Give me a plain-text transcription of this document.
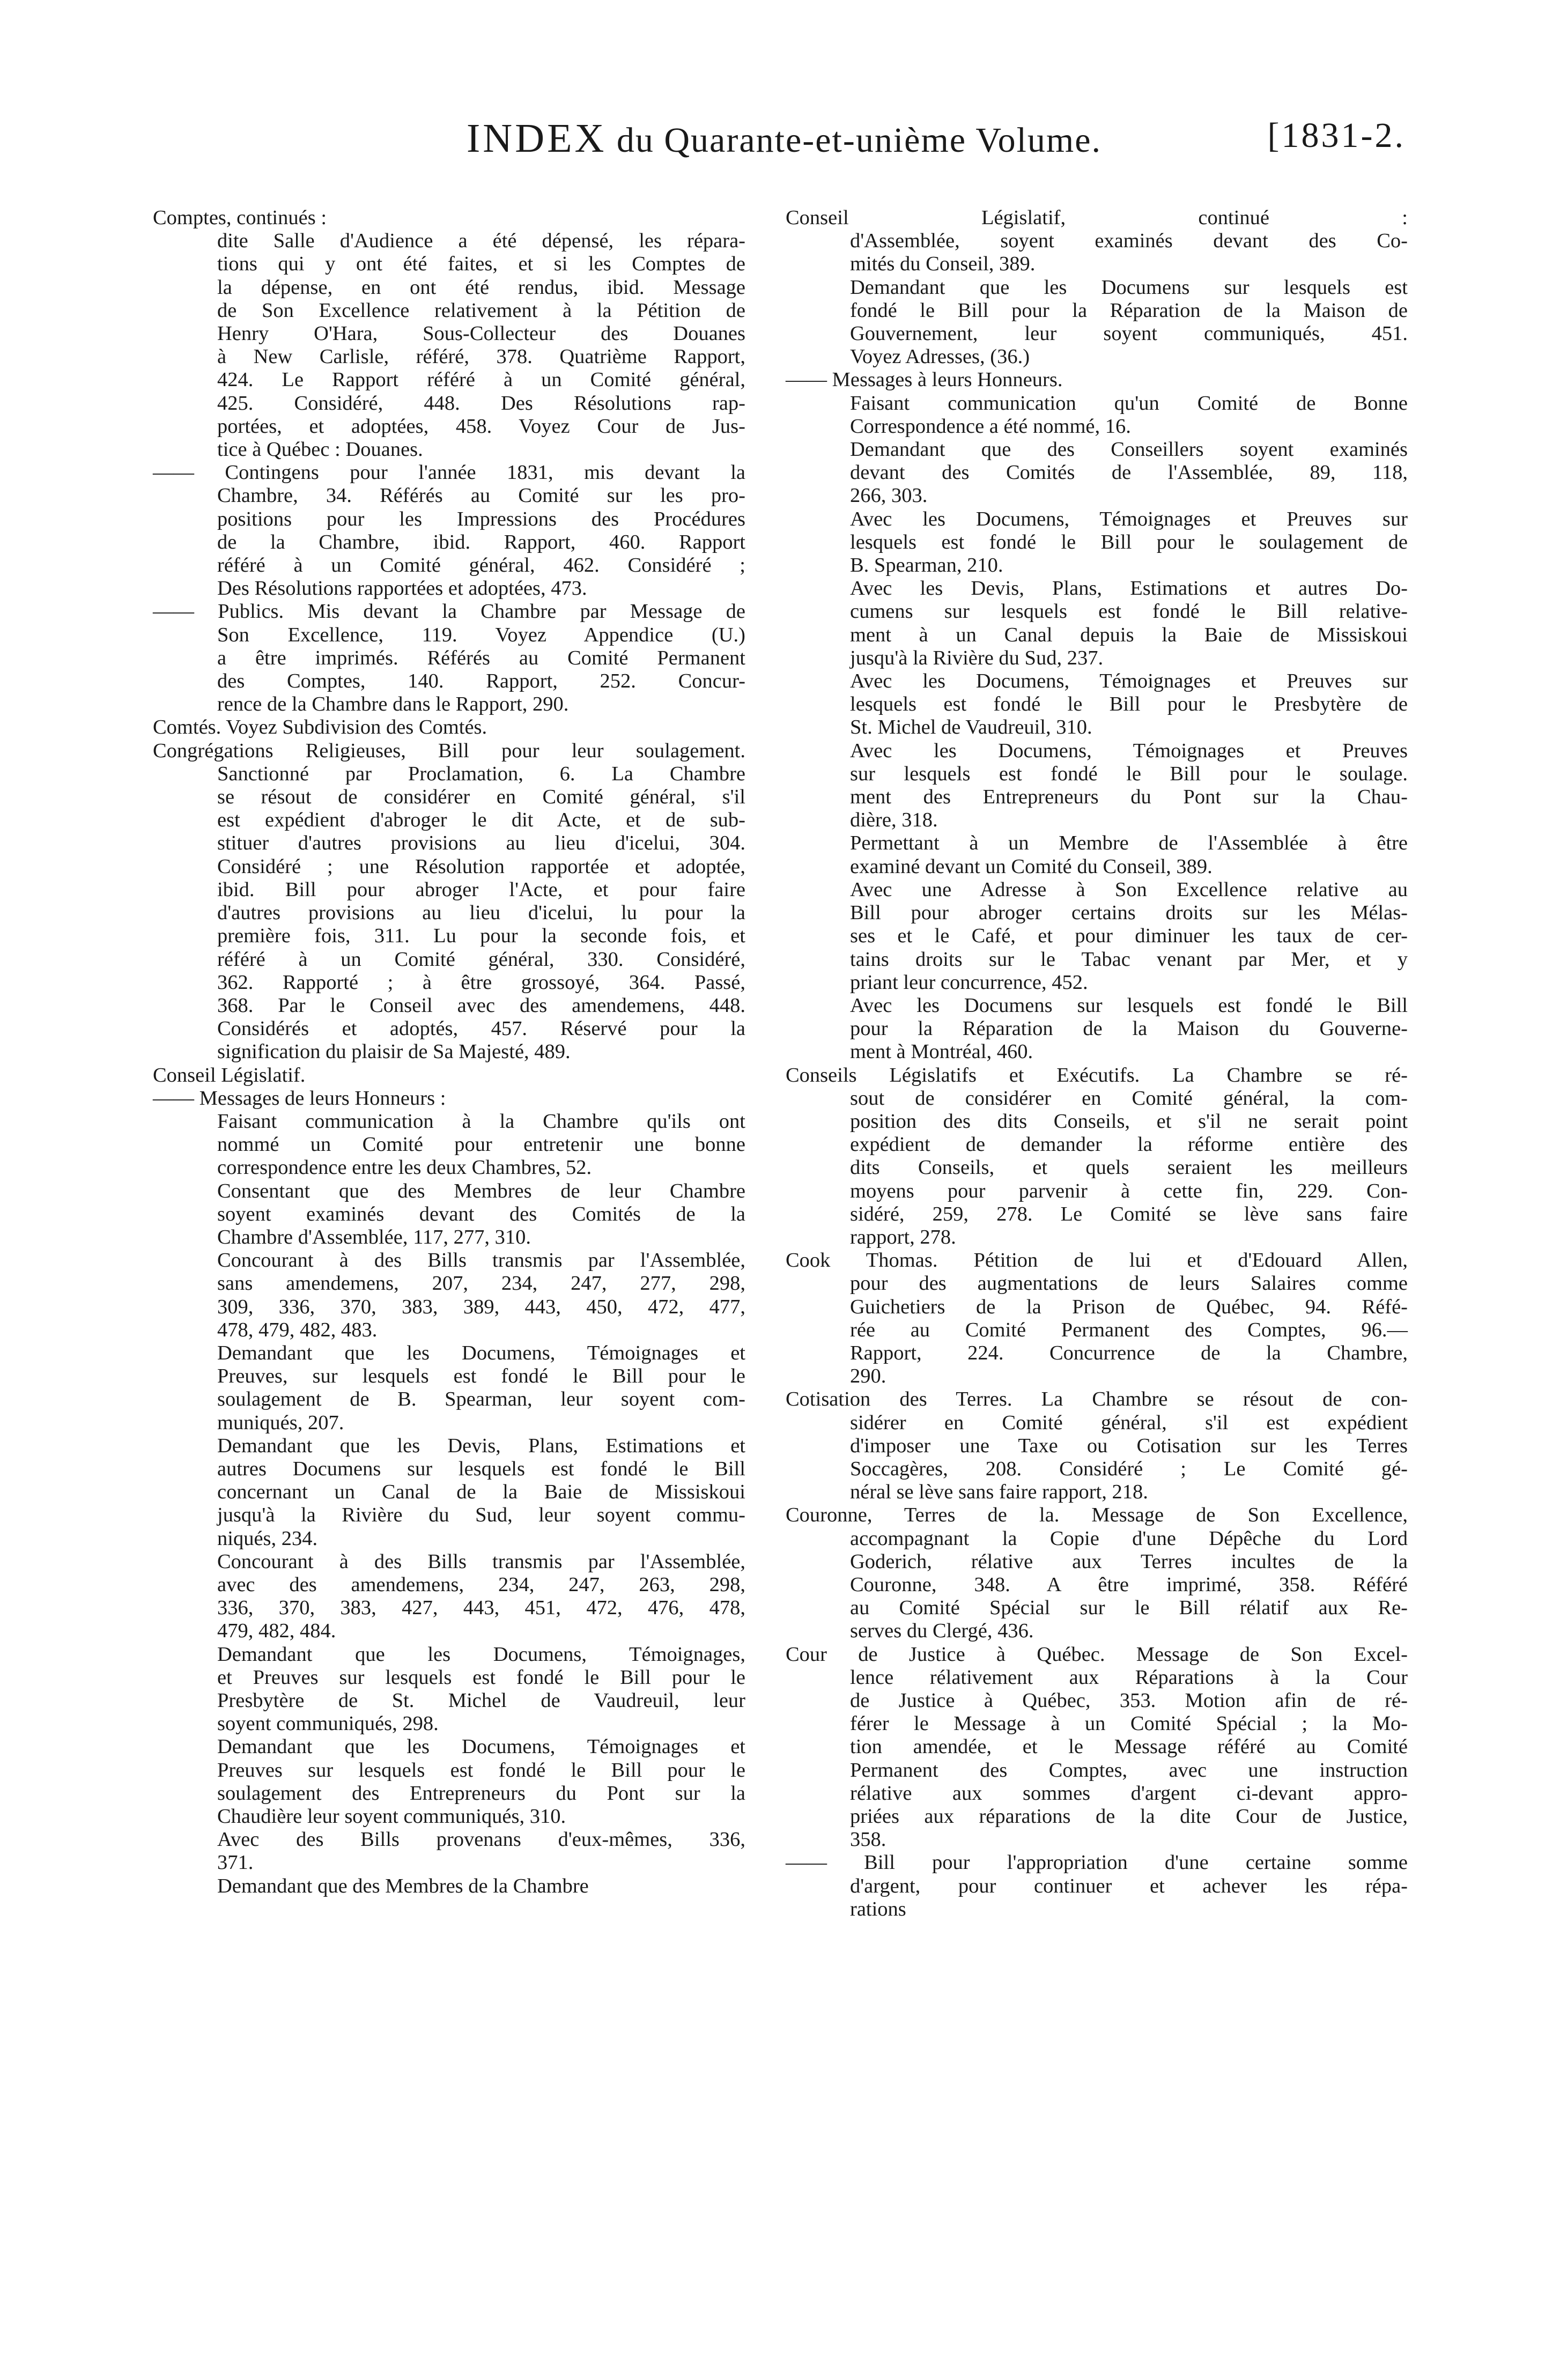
INDEX du Quarante-et-unième Volume.	[1831-2.
Comptes, continués :
dite Salle d'Audience a été dépensé, les répara-
tions qui y ont été faites, et si les Comptes de
la dépense, en ont été rendus, ibid. Message
de Son Excellence relativement à la Pétition de
Henry O'Hara, Sous-Collecteur des Douanes
à New Carlisle, référé, 378. Quatrième Rapport,
424. Le Rapport référé à un Comité général,
425. Considéré, 448. Des Résolutions rap-
portées, et adoptées, 458. Voyez Cour de Jus-
tice à Québec : Douanes.
—— Contingens pour l'année 1831, mis devant la
Chambre, 34. Référés au Comité sur les pro-
positions pour les Impressions des Procédures
de la Chambre, ibid. Rapport, 460. Rapport
référé à un Comité général, 462. Considéré ;
Des Résolutions rapportées et adoptées, 473.
—— Publics. Mis devant la Chambre par Message de
Son Excellence, 119. Voyez Appendice (U.)
a être imprimés. Référés au Comité Permanent
des Comptes, 140. Rapport, 252. Concur-
rence de la Chambre dans le Rapport, 290.
Comtés. Voyez Subdivision des Comtés.
Congrégations Religieuses, Bill pour leur soulagement.
Sanctionné par Proclamation, 6. La Chambre
se résout de considérer en Comité général, s'il
est expédient d'abroger le dit Acte, et de sub-
stituer d'autres provisions au lieu d'icelui, 304.
Considéré ; une Résolution rapportée et adoptée,
ibid. Bill pour abroger l'Acte, et pour faire
d'autres provisions au lieu d'icelui, lu pour la
première fois, 311. Lu pour la seconde fois, et
référé à un Comité général, 330. Considéré,
362. Rapporté ; à être grossoyé, 364. Passé,
368. Par le Conseil avec des amendemens, 448.
Considérés et adoptés, 457. Réservé pour la
signification du plaisir de Sa Majesté, 489.
Conseil Législatif.
—— Messages de leurs Honneurs :
Faisant communication à la Chambre qu'ils ont
nommé un Comité pour entretenir une bonne
correspondence entre les deux Chambres, 52.
Consentant que des Membres de leur Chambre
soyent examinés devant des Comités de la
Chambre d'Assemblée, 117, 277, 310.
Concourant à des Bills transmis par l'Assemblée,
sans amendemens, 207, 234, 247, 277, 298,
309, 336, 370, 383, 389, 443, 450, 472, 477,
478, 479, 482, 483.
Demandant que les Documens, Témoignages et
Preuves, sur lesquels est fondé le Bill pour le
soulagement de B. Spearman, leur soyent com-
muniqués, 207.
Demandant que les Devis, Plans, Estimations et
autres Documens sur lesquels est fondé le Bill
concernant un Canal de la Baie de Missiskoui
jusqu'à la Rivière du Sud, leur soyent commu-
niqués, 234.
Concourant à des Bills transmis par l'Assemblée,
avec des amendemens, 234, 247, 263, 298,
336, 370, 383, 427, 443, 451, 472, 476, 478,
479, 482, 484.
Demandant que les Documens, Témoignages,
et Preuves sur lesquels est fondé le Bill pour le
Presbytère de St. Michel de Vaudreuil, leur
soyent communiqués, 298.
Demandant que les Documens, Témoignages et
Preuves sur lesquels est fondé le Bill pour le
soulagement des Entrepreneurs du Pont sur la
Chaudière leur soyent communiqués, 310.
Avec des Bills provenans d'eux-mêmes, 336,
371.
Demandant que des Membres de la Chambre
Conseil Législatif, continué :
d'Assemblée, soyent examinés devant des Co-
mités du Conseil, 389.
Demandant que les Documens sur lesquels est
fondé le Bill pour la Réparation de la Maison de
Gouvernement, leur soyent communiqués, 451.
Voyez Adresses, (36.)
—— Messages à leurs Honneurs.
Faisant communication qu'un Comité de Bonne
Correspondence a été nommé, 16.
Demandant que des Conseillers soyent examinés
devant des Comités de l'Assemblée, 89, 118,
266, 303.
Avec les Documens, Témoignages et Preuves sur
lesquels est fondé le Bill pour le soulagement de
B. Spearman, 210.
Avec les Devis, Plans, Estimations et autres Do-
cumens sur lesquels est fondé le Bill relative-
ment à un Canal depuis la Baie de Missiskoui
jusqu'à la Rivière du Sud, 237.
Avec les Documens, Témoignages et Preuves sur
lesquels est fondé le Bill pour le Presbytère de
St. Michel de Vaudreuil, 310.
Avec les Documens, Témoignages et Preuves
sur lesquels est fondé le Bill pour le soulage.
ment des Entrepreneurs du Pont sur la Chau-
dière, 318.
Permettant à un Membre de l'Assemblée à être
examiné devant un Comité du Conseil, 389.
Avec une Adresse à Son Excellence relative au
Bill pour abroger certains droits sur les Mélas-
ses et le Café, et pour diminuer les taux de cer-
tains droits sur le Tabac venant par Mer, et y
priant leur concurrence, 452.
Avec les Documens sur lesquels est fondé le Bill
pour la Réparation de la Maison du Gouverne-
ment à Montréal, 460.
Conseils Législatifs et Exécutifs. La Chambre se ré-
sout de considérer en Comité général, la com-
position des dits Conseils, et s'il ne serait point
expédient de demander la réforme entière des
dits Conseils, et quels seraient les meilleurs
moyens pour parvenir à cette fin, 229. Con-
sidéré, 259, 278. Le Comité se lève sans faire
rapport, 278.
Cook Thomas. Pétition de lui et d'Edouard Allen,
pour des augmentations de leurs Salaires comme
Guichetiers de la Prison de Québec, 94. Réfé-
rée au Comité Permanent des Comptes, 96.—
Rapport, 224. Concurrence de la Chambre,
290.
Cotisation des Terres. La Chambre se résout de con-
sidérer en Comité général, s'il est expédient
d'imposer une Taxe ou Cotisation sur les Terres
Soccagères, 208. Considéré ; Le Comité gé-
néral se lève sans faire rapport, 218.
Couronne, Terres de la. Message de Son Excellence,
accompagnant la Copie d'une Dépêche du Lord
Goderich, rélative aux Terres incultes de la
Couronne, 348. A être imprimé, 358. Référé
au Comité Spécial sur le Bill rélatif aux Re-
serves du Clergé, 436.
Cour de Justice à Québec. Message de Son Excel-
lence rélativement aux Réparations à la Cour
de Justice à Québec, 353. Motion afin de ré-
férer le Message à un Comité Spécial ; la Mo-
tion amendée, et le Message référé au Comité
Permanent des Comptes, avec une instruction
rélative aux sommes d'argent ci-devant appro-
priées aux réparations de la dite Cour de Justice,
358.
—— Bill pour l'appropriation d'une certaine somme
d'argent, pour continuer et achever les répa-
rations
